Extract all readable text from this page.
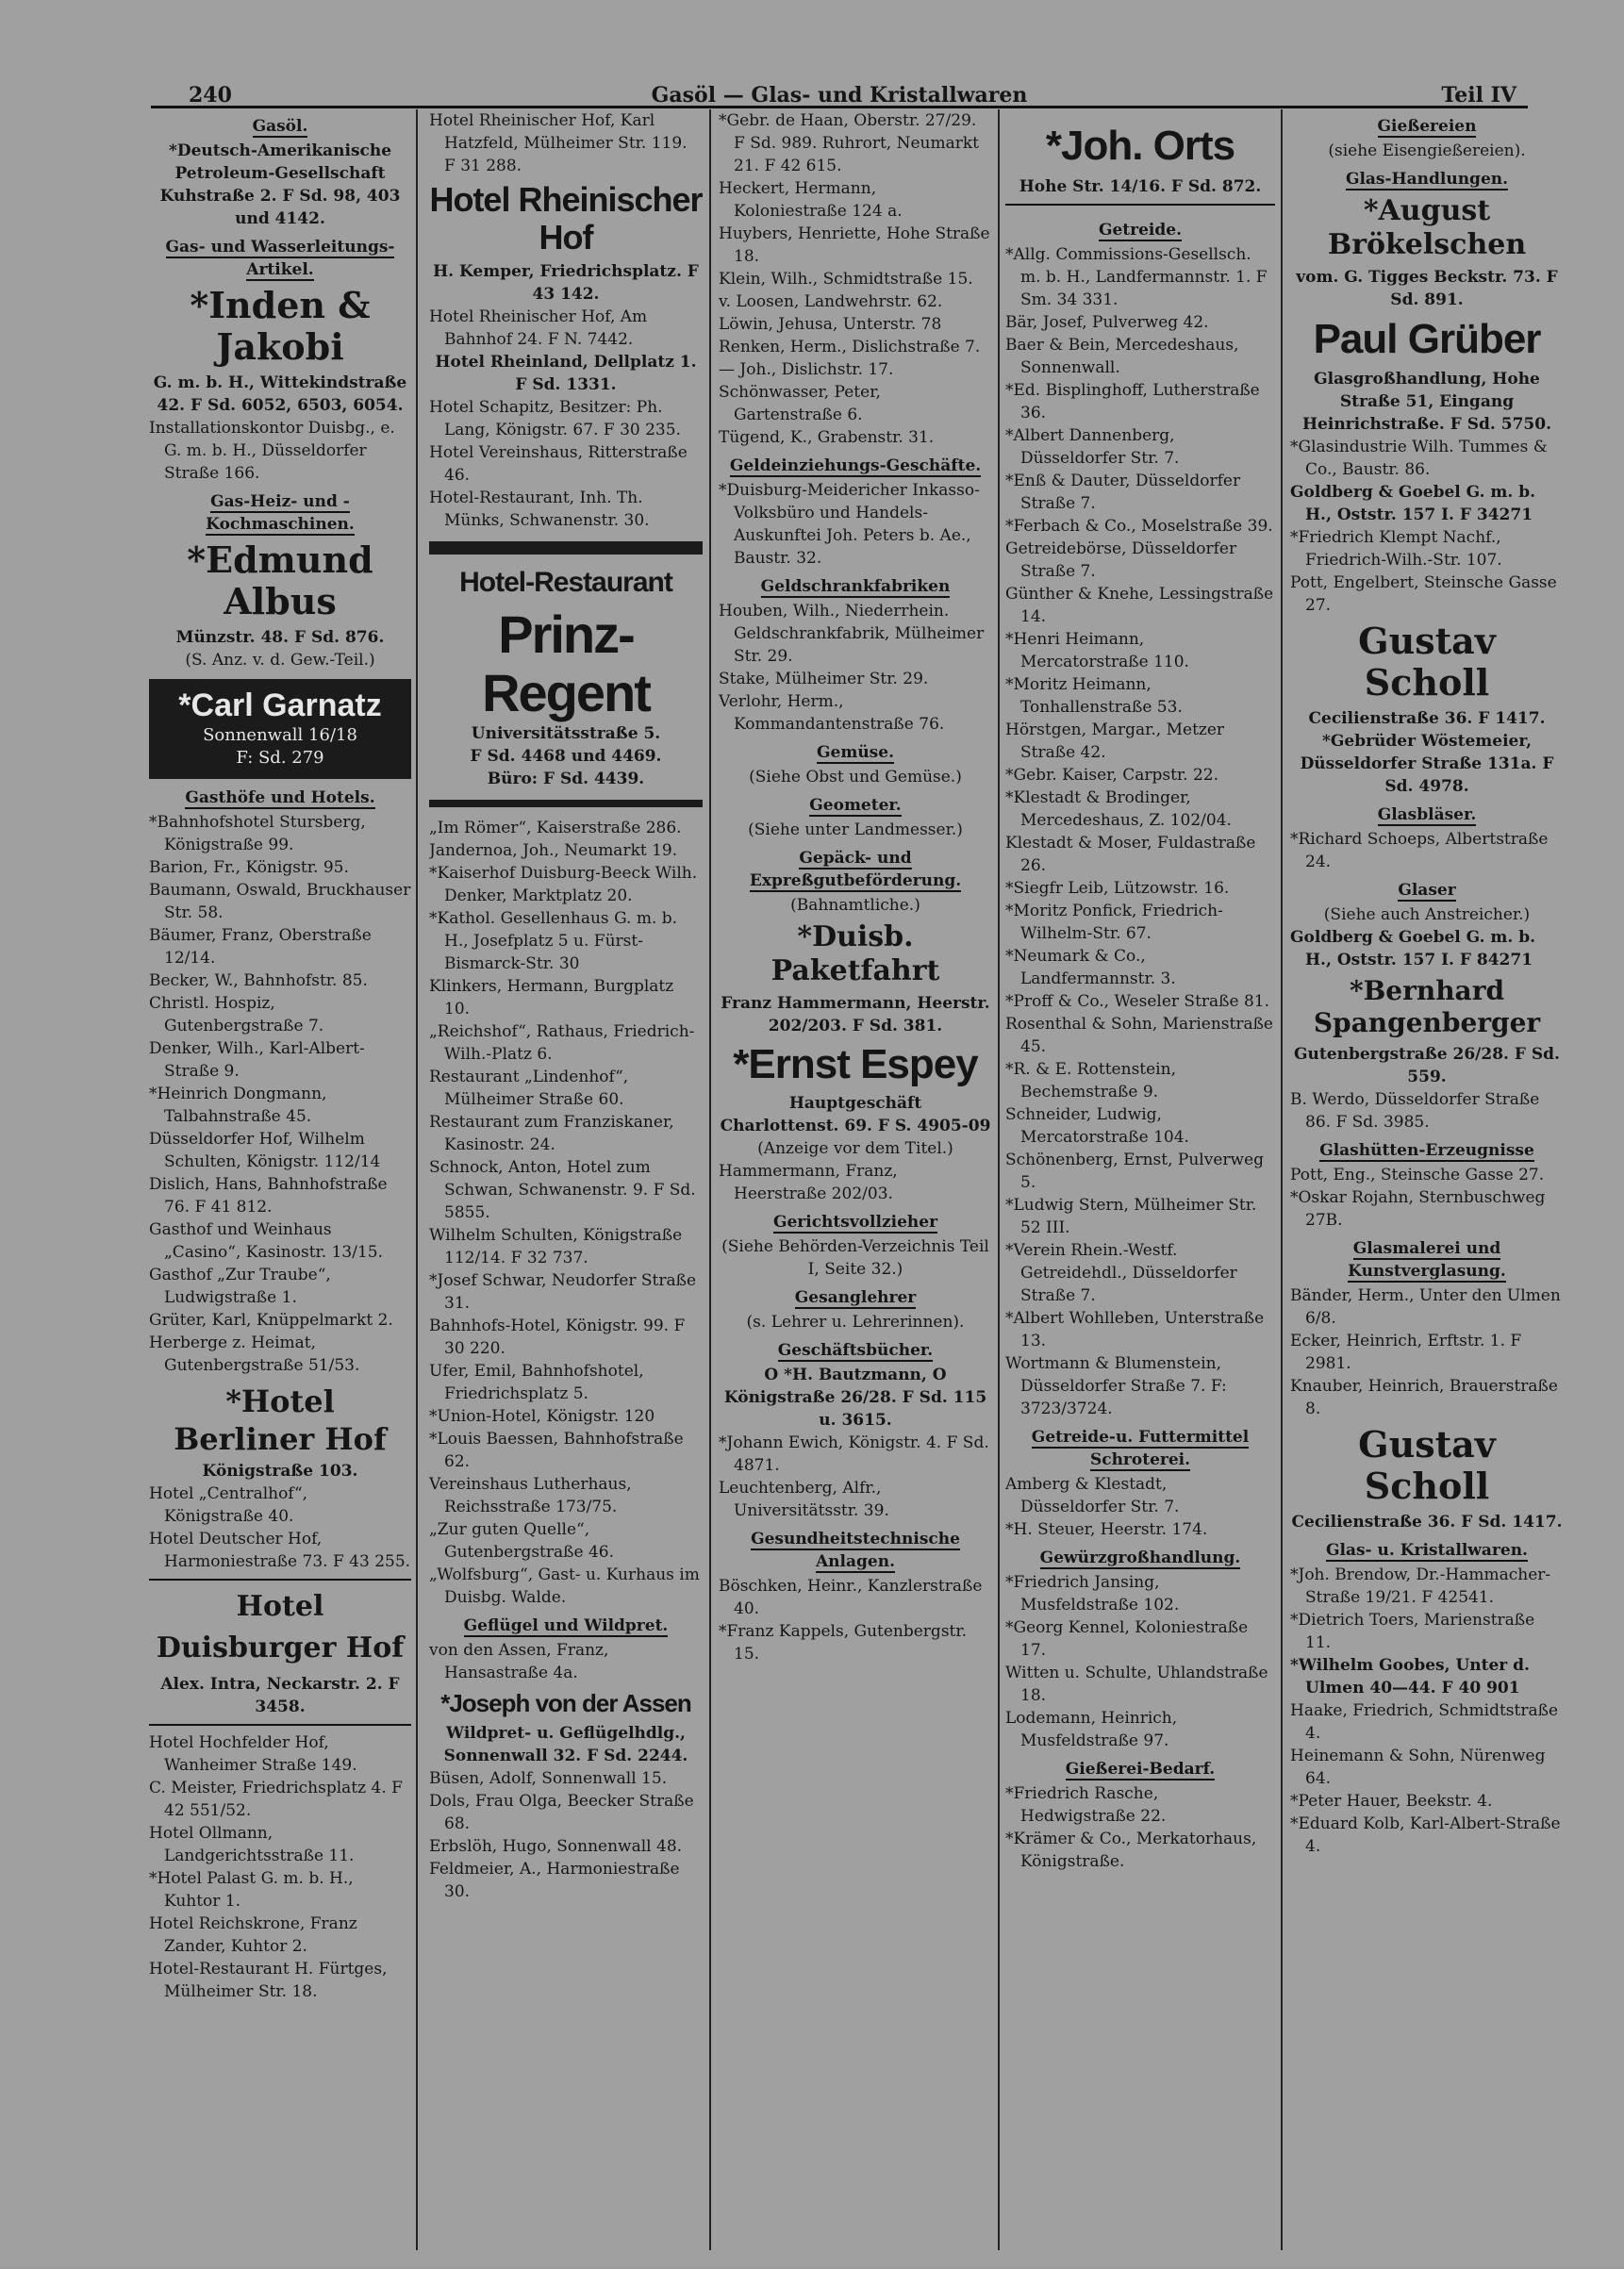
240	Gasöl — Glas- und Kristallwaren	Teil IV
Gasöl.

*Deutsch-Amerikanische Petroleum-Gesellschaft Kuhstraße 2. F Sd. 98, 403 und 4142.

Gas- und Wasserleitungs-Artikel.
*Inden & Jakobi

G. m. b. H., Wittekindstraße 42. F Sd. 6052, 6503, 6054.

Installationskontor Duisbg., e. G. m. b. H., Düsseldorfer Straße 166.

Gas-Heiz- und -Kochmaschinen.
*Edmund Albus

Münzstr. 48. F Sd. 876.

(S. Anz. v. d. Gew.-Teil.)

*Carl Garnatz
Sonnenwall 16/18
F: Sd. 279
Gasthöfe und Hotels.

*Bahnhofshotel Stursberg, Königstraße 99.

Barion, Fr., Königstr. 95.

Baumann, Oswald, Bruckhauser Str. 58.

Bäumer, Franz, Oberstraße 12/14.

Becker, W., Bahnhofstr. 85.

Christl. Hospiz, Gutenbergstraße 7.

Denker, Wilh., Karl-Albert-Straße 9.

*Heinrich Dongmann, Talbahnstraße 45.

Düsseldorfer Hof, Wilhelm Schulten, Königstr. 112/14

Dislich, Hans, Bahnhofstraße 76. F 41 812.

Gasthof und Weinhaus „Casino“, Kasinostr. 13/15.

Gasthof „Zur Traube“, Ludwigstraße 1.

Grüter, Karl, Knüppelmarkt 2.

Herberge z. Heimat, Gutenbergstraße 51/53.

*Hotel
Berliner Hof

Königstraße 103.

Hotel „Centralhof“, Königstraße 40.

Hotel Deutscher Hof, Harmoniestraße 73. F 43 255.

Hotel Duisburger Hof

Alex. Intra, Neckarstr. 2. F 3458.

Hotel Hochfelder Hof, Wanheimer Straße 149.

C. Meister, Friedrichsplatz 4. F 42 551/52.

Hotel Ollmann, Landgerichtsstraße 11.

*Hotel Palast G. m. b. H., Kuhtor 1.

Hotel Reichskrone, Franz Zander, Kuhtor 2.

Hotel-Restaurant H. Fürtges, Mülheimer Str. 18.

Hotel Rheinischer Hof, Karl Hatzfeld, Mülheimer Str. 119. F 31 288.

Hotel Rheinischer Hof

H. Kemper, Friedrichsplatz. F 43 142.

Hotel Rheinischer Hof, Am Bahnhof 24. F N. 7442.

Hotel Rheinland, Dellplatz 1. F Sd. 1331.

Hotel Schapitz, Besitzer: Ph. Lang, Königstr. 67. F 30 235.

Hotel Vereinshaus, Ritterstraße 46.

Hotel-Restaurant, Inh. Th. Münks, Schwanenstr. 30.

Hotel-Restaurant
Prinz-Regent

Universitätsstraße 5.

F Sd. 4468 und 4469.

Büro: F Sd. 4439.

„Im Römer“, Kaiserstraße 286.

Jandernoa, Joh., Neumarkt 19.

*Kaiserhof Duisburg-Beeck Wilh. Denker, Marktplatz 20.

*Kathol. Gesellenhaus G. m. b. H., Josefplatz 5 u. Fürst-Bismarck-Str. 30

Klinkers, Hermann, Burgplatz 10.

„Reichshof“, Rathaus, Friedrich-Wilh.-Platz 6.

Restaurant „Lindenhof“, Mülheimer Straße 60.

Restaurant zum Franziskaner, Kasinostr. 24.

Schnock, Anton, Hotel zum Schwan, Schwanenstr. 9. F Sd. 5855.

Wilhelm Schulten, Königstraße 112/14. F 32 737.

*Josef Schwar, Neudorfer Straße 31.

Bahnhofs-Hotel, Königstr. 99. F 30 220.

Ufer, Emil, Bahnhofshotel, Friedrichsplatz 5.

*Union-Hotel, Königstr. 120

*Louis Baessen, Bahnhofstraße 62.

Vereinshaus Lutherhaus, Reichsstraße 173/75.

„Zur guten Quelle“, Gutenbergstraße 46.

„Wolfsburg“, Gast- u. Kurhaus im Duisbg. Walde.

Geflügel und Wildpret.

von den Assen, Franz, Hansastraße 4a.

*Joseph von der Assen

Wildpret- u. Geflügelhdlg., Sonnenwall 32. F Sd. 2244.

Büsen, Adolf, Sonnenwall 15.

Dols, Frau Olga, Beecker Straße 68.

Erbslöh, Hugo, Sonnenwall 48.

Feldmeier, A., Harmoniestraße 30.

*Gebr. de Haan, Oberstr. 27/29. F Sd. 989. Ruhrort, Neumarkt 21. F 42 615.

Heckert, Hermann, Koloniestraße 124 a.

Huybers, Henriette, Hohe Straße 18.

Klein, Wilh., Schmidtstraße 15.

v. Loosen, Landwehrstr. 62.

Löwin, Jehusa, Unterstr. 78

Renken, Herm., Dislichstraße 7.

— Joh., Dislichstr. 17.

Schönwasser, Peter, Gartenstraße 6.

Tügend, K., Grabenstr. 31.

Geldeinziehungs-Geschäfte.

*Duisburg-Meidericher Inkasso-Volksbüro und Handels-Auskunftei Joh. Peters b. Ae., Baustr. 32.

Geldschrankfabriken

Houben, Wilh., Niederrhein. Geldschrankfabrik, Mülheimer Str. 29.

Stake, Mülheimer Str. 29.

Verlohr, Herm., Kommandantenstraße 76.

Gemüse.

(Siehe Obst und Gemüse.)

Geometer.

(Siehe unter Landmesser.)

Gepäck- und Expreßgutbeförderung.

(Bahnamtliche.)

*Duisb. Paketfahrt

Franz Hammermann, Heerstr. 202/203. F Sd. 381.

*Ernst Espey

Hauptgeschäft

Charlottenst. 69. F S. 4905-09

(Anzeige vor dem Titel.)

Hammermann, Franz, Heerstraße 202/03.

Gerichtsvollzieher

(Siehe Behörden-Verzeichnis Teil I, Seite 32.)

Gesanglehrer

(s. Lehrer u. Lehrerinnen).

Geschäftsbücher.

O *H. Bautzmann, O

Königstraße 26/28. F Sd. 115 u. 3615.

*Johann Ewich, Königstr. 4. F Sd. 4871.

Leuchtenberg, Alfr., Universitätsstr. 39.

Gesundheitstechnische Anlagen.

Böschken, Heinr., Kanzlerstraße 40.

*Franz Kappels, Gutenbergstr. 15.

*Joh. Orts

Hohe Str. 14/16. F Sd. 872.

Getreide.

*Allg. Commissions-Gesellsch. m. b. H., Landfermannstr. 1. F Sm. 34 331.

Bär, Josef, Pulverweg 42.

Baer & Bein, Mercedeshaus, Sonnenwall.

*Ed. Bisplinghoff, Lutherstraße 36.

*Albert Dannenberg, Düsseldorfer Str. 7.

*Enß & Dauter, Düsseldorfer Straße 7.

*Ferbach & Co., Moselstraße 39.

Getreidebörse, Düsseldorfer Straße 7.

Günther & Knehe, Lessingstraße 14.

*Henri Heimann, Mercatorstraße 110.

*Moritz Heimann, Tonhallenstraße 53.

Hörstgen, Margar., Metzer Straße 42.

*Gebr. Kaiser, Carpstr. 22.

*Klestadt & Brodinger, Mercedeshaus, Z. 102/04.

Klestadt & Moser, Fuldastraße 26.

*Siegfr Leib, Lützowstr. 16.

*Moritz Ponfick, Friedrich-Wilhelm-Str. 67.

*Neumark & Co., Landfermannstr. 3.

*Proff & Co., Weseler Straße 81.

Rosenthal & Sohn, Marienstraße 45.

*R. & E. Rottenstein, Bechemstraße 9.

Schneider, Ludwig, Mercatorstraße 104.

Schönenberg, Ernst, Pulverweg 5.

*Ludwig Stern, Mülheimer Str. 52 III.

*Verein Rhein.-Westf. Getreidehdl., Düsseldorfer Straße 7.

*Albert Wohlleben, Unterstraße 13.

Wortmann & Blumenstein, Düsseldorfer Straße 7. F: 3723/3724.

Getreide-u. Futtermittel Schroterei.

Amberg & Klestadt, Düsseldorfer Str. 7.

*H. Steuer, Heerstr. 174.

Gewürzgroßhandlung.

*Friedrich Jansing, Musfeldstraße 102.

*Georg Kennel, Koloniestraße 17.

Witten u. Schulte, Uhlandstraße 18.

Lodemann, Heinrich, Musfeldstraße 97.

Gießerei-Bedarf.

*Friedrich Rasche, Hedwigstraße 22.

*Krämer & Co., Merkatorhaus, Königstraße.

Gießereien

(siehe Eisengießereien).

Glas-Handlungen.
*August Brökelschen

vom. G. Tigges Beckstr. 73. F Sd. 891.

Paul Grüber

Glasgroßhandlung, Hohe Straße 51, Eingang Heinrichstraße. F Sd. 5750.

*Glasindustrie Wilh. Tummes & Co., Baustr. 86.

Goldberg & Goebel G. m. b. H., Oststr. 157 I. F 34271

*Friedrich Klempt Nachf., Friedrich-Wilh.-Str. 107.

Pott, Engelbert, Steinsche Gasse 27.

Gustav Scholl

Cecilienstraße 36. F 1417.

*Gebrüder Wöstemeier, Düsseldorfer Straße 131a. F Sd. 4978.

Glasbläser.

*Richard Schoeps, Albertstraße 24.

Glaser

(Siehe auch Anstreicher.)

Goldberg & Goebel G. m. b. H., Oststr. 157 I. F 84271

*Bernhard Spangenberger

Gutenbergstraße 26/28. F Sd. 559.

B. Werdo, Düsseldorfer Straße 86. F Sd. 3985.

Glashütten-Erzeugnisse

Pott, Eng., Steinsche Gasse 27.

*Oskar Rojahn, Sternbuschweg 27B.

Glasmalerei und Kunstverglasung.

Bänder, Herm., Unter den Ulmen 6/8.

Ecker, Heinrich, Erftstr. 1. F 2981.

Knauber, Heinrich, Brauerstraße 8.

Gustav Scholl

Cecilienstraße 36. F Sd. 1417.

Glas- u. Kristallwaren.

*Joh. Brendow, Dr.-Hammacher-Straße 19/21. F 42541.

*Dietrich Toers, Marienstraße 11.

*Wilhelm Goobes, Unter d. Ulmen 40—44. F 40 901

Haake, Friedrich, Schmidtstraße 4.

Heinemann & Sohn, Nürenweg 64.

*Peter Hauer, Beekstr. 4.

*Eduard Kolb, Karl-Albert-Straße 4.
